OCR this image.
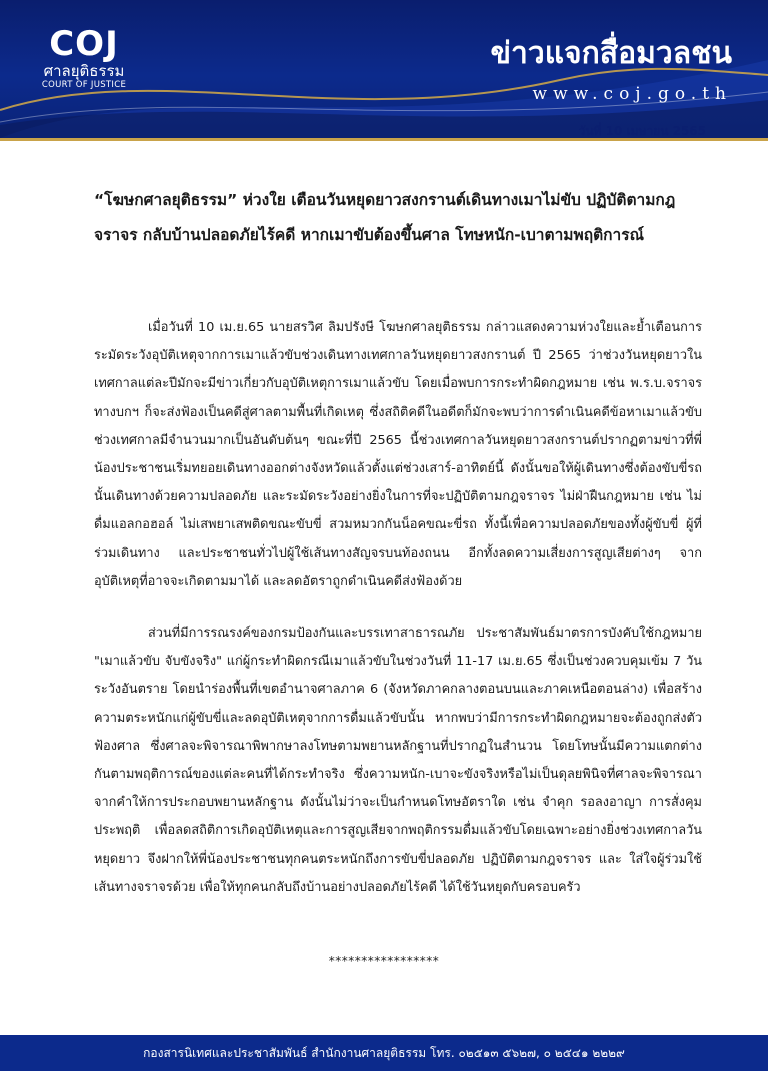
COJ
ศาลยุติธรรม
COURT OF JUSTICE
ข่าวแจกสื่อมวลชน
www.coj.go.th
วันที่ 10 เมษายน 2565
“โฆษกศาลยุติธรรม” ห่วงใย เตือนวันหยุดยาวสงกรานต์เดินทางเมาไม่ขับ ปฏิบัติตามกฎจราจร กลับบ้านปลอดภัยไร้คดี หากเมาขับต้องขึ้นศาล โทษหนัก-เบาตามพฤติการณ์
เมื่อวันที่ 10 เม.ย.65 นายสรวิศ ลิมปรังษี โฆษกศาลยุติธรรม กล่าวแสดงความห่วงใยและย้ำเตือนการระมัดระวังอุบัติเหตุจากการเมาแล้วขับช่วงเดินทางเทศกาลวันหยุดยาวสงกรานต์ ปี 2565 ว่าช่วงวันหยุดยาวในเทศกาลแต่ละปีมักจะมีข่าวเกี่ยวกับอุบัติเหตุการเมาแล้วขับ โดยเมื่อพบการกระทำผิดกฎหมาย เช่น พ.ร.บ.จราจรทางบกฯ ก็จะส่งฟ้องเป็นคดีสู่ศาลตามพื้นที่เกิดเหตุ ซึ่งสถิติคดีในอดีตก็มักจะพบว่าการดำเนินคดีข้อหาเมาแล้วขับช่วงเทศกาลมีจำนวนมากเป็นอันดับต้นๆ ขณะที่ปี 2565 นี้ช่วงเทศกาลวันหยุดยาวสงกรานต์ปรากฏตามข่าวที่พี่น้องประชาชนเริ่มทยอยเดินทางออกต่างจังหวัดแล้วตั้งแต่ช่วงเสาร์-อาทิตย์นี้ ดังนั้นขอให้ผู้เดินทางซึ่งต้องขับขี่รถนั้นเดินทางด้วยความปลอดภัย และระมัดระวังอย่างยิ่งในการที่จะปฏิบัติตามกฎจราจร ไม่ฝ่าฝืนกฎหมาย เช่น ไม่ดื่มแอลกอฮอล์ ไม่เสพยาเสพติดขณะขับขี่ สวมหมวกกันน็อคขณะขี่รถ ทั้งนี้เพื่อความปลอดภัยของทั้งผู้ขับขี่ ผู้ที่ร่วมเดินทาง และประชาชนทั่วไปผู้ใช้เส้นทางสัญจรบนท้องถนน อีกทั้งลดความเสี่ยงการสูญเสียต่างๆ จากอุบัติเหตุที่อาจจะเกิดตามมาได้ และลดอัตราถูกดำเนินคดีส่งฟ้องด้วย
ส่วนที่มีการรณรงค์ของกรมป้องกันและบรรเทาสาธารณภัย ประชาสัมพันธ์มาตรการบังคับใช้กฎหมาย "เมาแล้วขับ จับขังจริง" แก่ผู้กระทำผิดกรณีเมาแล้วขับในช่วงวันที่ 11-17 เม.ย.65 ซึ่งเป็นช่วงควบคุมเข้ม 7 วันระวังอันตราย โดยนำร่องพื้นที่เขตอำนาจศาลภาค 6 (จังหวัดภาคกลางตอนบนและภาคเหนือตอนล่าง) เพื่อสร้างความตระหนักแก่ผู้ขับขี่และลดอุบัติเหตุจากการดื่มแล้วขับนั้น หากพบว่ามีการกระทำผิดกฎหมายจะต้องถูกส่งตัวฟ้องศาล ซึ่งศาลจะพิจารณาพิพากษาลงโทษตามพยานหลักฐานที่ปรากฏในสำนวน โดยโทษนั้นมีความแตกต่างกันตามพฤติการณ์ของแต่ละคนที่ได้กระทำจริง ซึ่งความหนัก-เบาจะขังจริงหรือไม่เป็นดุลยพินิจที่ศาลจะพิจารณาจากคำให้การประกอบพยานหลักฐาน ดังนั้นไม่ว่าจะเป็นกำหนดโทษอัตราใด เช่น จำคุก รอลงอาญา การสั่งคุมประพฤติ เพื่อลดสถิติการเกิดอุบัติเหตุและการสูญเสียจากพฤติกรรมดื่มแล้วขับโดยเฉพาะอย่างยิ่งช่วงเทศกาลวันหยุดยาว จึงฝากให้พี่น้องประชาชนทุกคนตระหนักถึงการขับขี่ปลอดภัย ปฏิบัติตามกฎจราจร และ ใส่ใจผู้ร่วมใช้เส้นทางจราจรด้วย เพื่อให้ทุกคนกลับถึงบ้านอย่างปลอดภัยไร้คดี ได้ใช้วันหยุดกับครอบครัว
*****************
กองสารนิเทศและประชาสัมพันธ์ สำนักงานศาลยุติธรรม โทร. ๐๒๕๑๓ ๕๖๒๗, ๐ ๒๕๔๑ ๒๒๒๙
